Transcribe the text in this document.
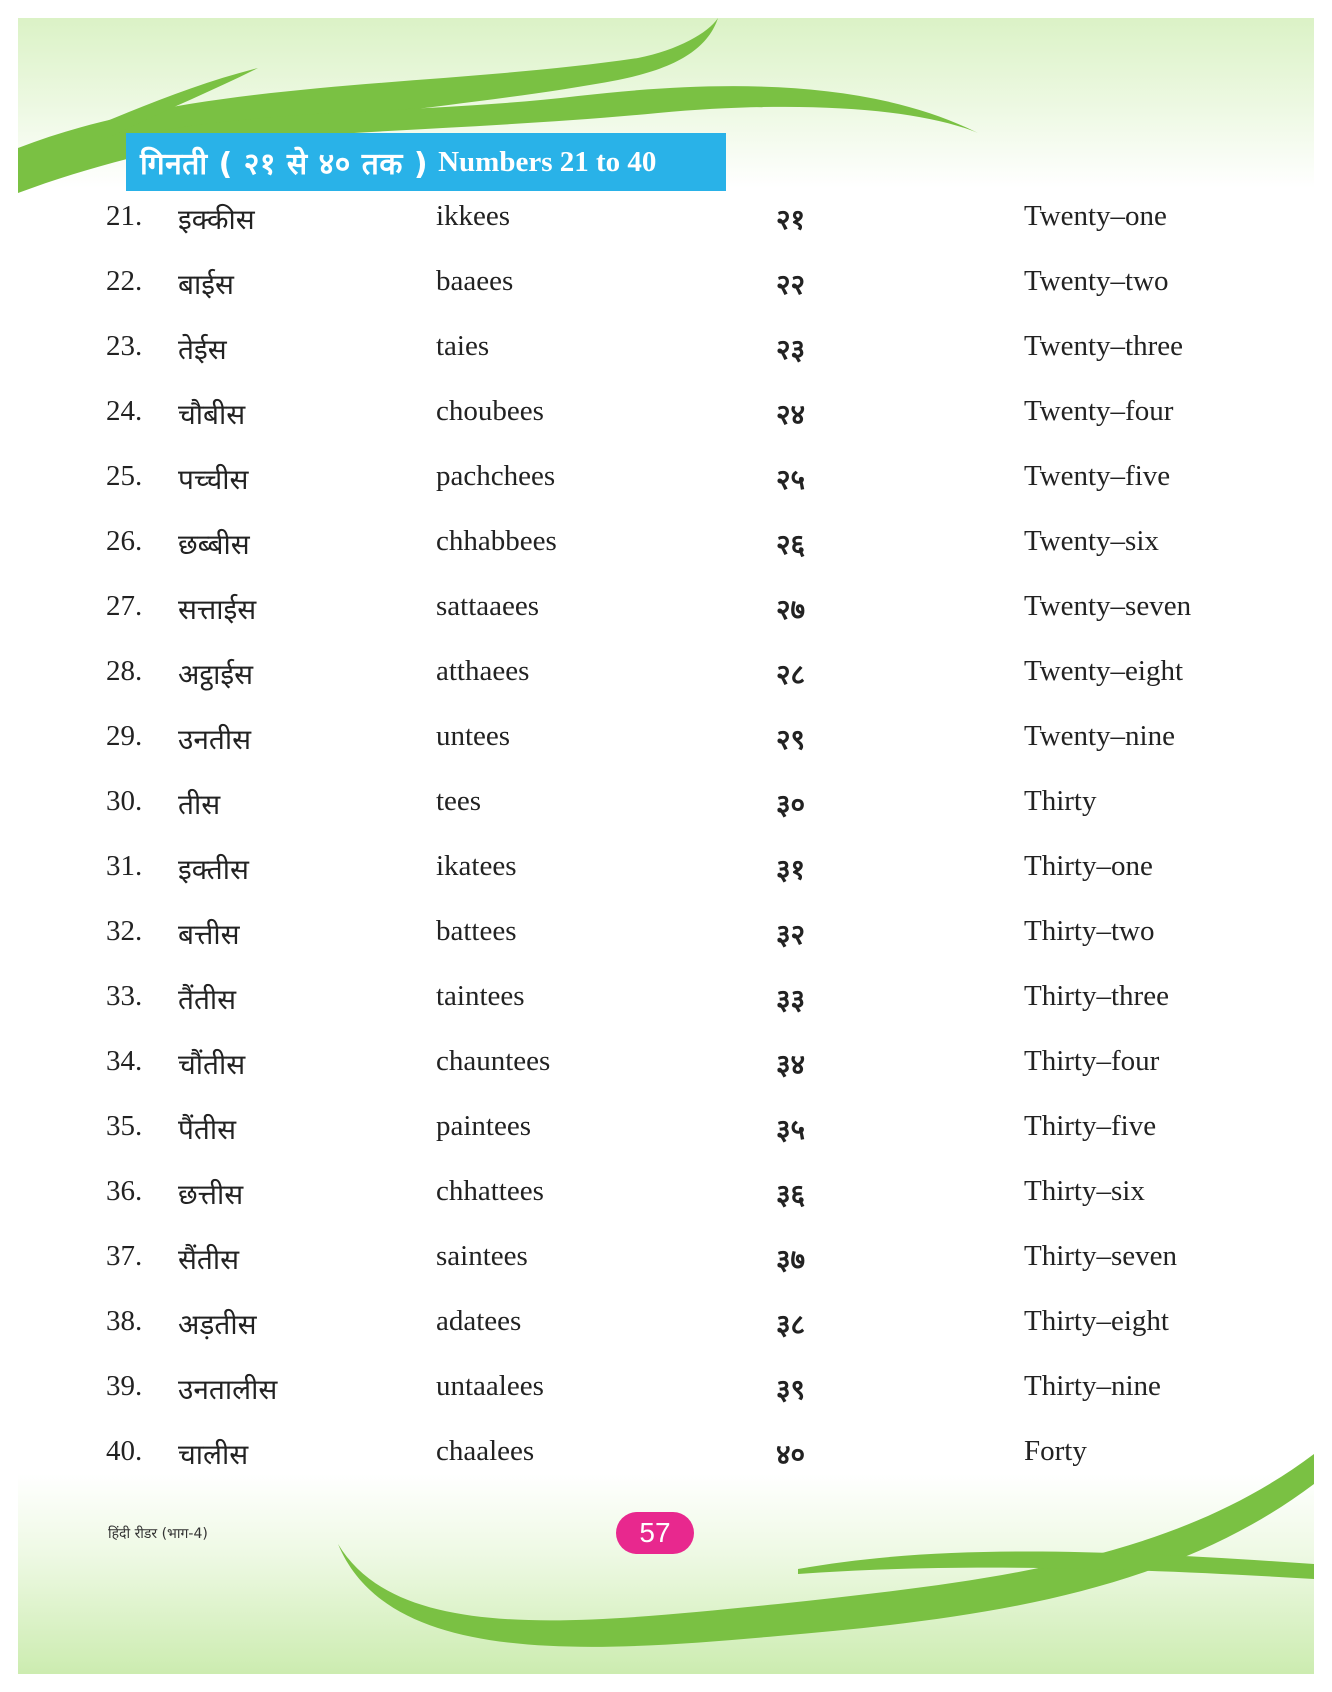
गिनती ( २१ से ४० तक ) Numbers 21 to 40
21. इक्कीस	ikkees	२१	Twenty–one
22. बाईस	baaees	२२	Twenty–two
23. तेईस	taies	२३	Twenty–three
24. चौबीस	choubees	२४	Twenty–four
25. पच्चीस	pachchees	२५	Twenty–five
26. छब्बीस	chhabbees	२६	Twenty–six
27. सत्ताईस	sattaaees	२७	Twenty–seven
28. अट्ठाईस	atthaees	२८	Twenty–eight
29. उनतीस	untees	२९	Twenty–nine
30. तीस	tees	३०	Thirty
31. इक्तीस	ikatees	३१	Thirty–one
32. बत्तीस	battees	३२	Thirty–two
33. तैंतीस	taintees	३३	Thirty–three
34. चौंतीस	chauntees	३४	Thirty–four
35. पैंतीस	paintees	३५	Thirty–five
36. छत्तीस	chhattees	३६	Thirty–six
37. सैंतीस	saintees	३७	Thirty–seven
38. अड़तीस	adatees	३८	Thirty–eight
39. उनतालीस	untaalees	३९	Thirty–nine
40. चालीस	chaalees	४०	Forty
हिंदी रीडर (भाग-4)	57
